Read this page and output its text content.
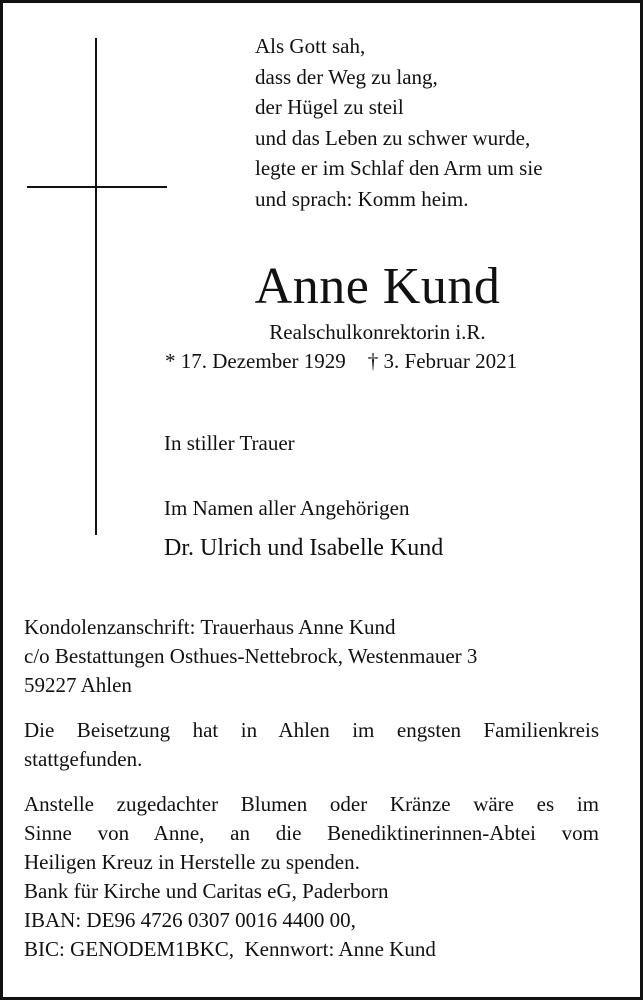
Als Gott sah,
dass der Weg zu lang,
der Hügel zu steil
und das Leben zu schwer wurde,
legte er im Schlaf den Arm um sie
und sprach: Komm heim.
Anne Kund
Realschulkonrektorin i.R.
* 17. Dezember 1929 † 3. Februar 2021
In stiller Trauer
Im Namen aller Angehörigen
Dr. Ulrich und Isabelle Kund
Kondolenzanschrift: Trauerhaus Anne Kund
c/o Bestattungen Osthues-Nettebrock, Westenmauer 3
59227 Ahlen
Die Beisetzung hat in Ahlen im engsten Familienkreis
stattgefunden.
Anstelle zugedachter Blumen oder Kränze wäre es im
Sinne von Anne, an die Benediktinerinnen-Abtei vom
Heiligen Kreuz in Herstelle zu spenden.
Bank für Kirche und Caritas eG, Paderborn
IBAN: DE96 4726 0307 0016 4400 00,
BIC: GENODEM1BKC,  Kennwort: Anne Kund
